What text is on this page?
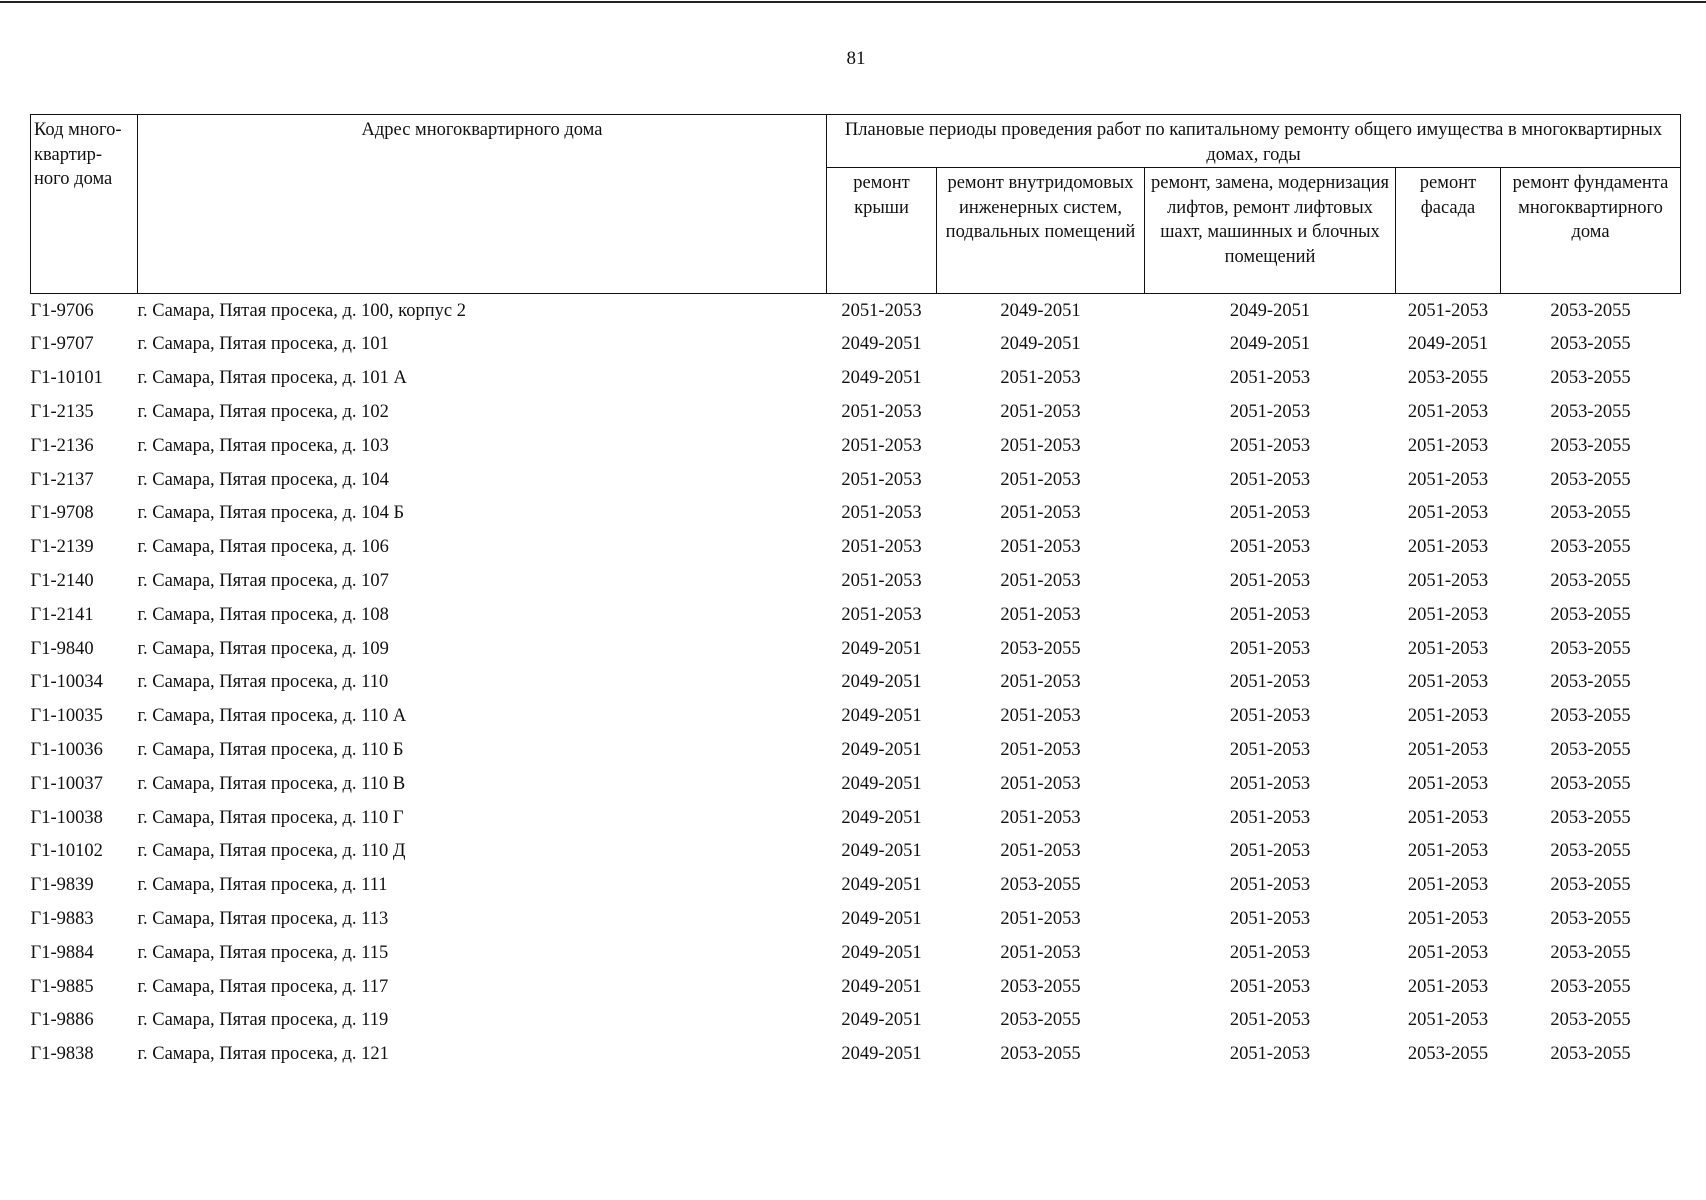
81
Код много-квартир-ного дома	Адрес многоквартирного дома	Плановые периоды проведения работ по капитальному ремонту общего имущества в многоквартирных домах, годы				
		ремонт крыши	ремонт внутридомовых инженерных систем, подвальных помещений	ремонт, замена, модернизация лифтов, ремонт лифтовых шахт, машинных и блочных помещений	ремонт фасада	ремонт фундамента многоквартирного дома
Г1-9706	г. Самара, Пятая просека, д. 100, корпус 2	2051-2053	2049-2051	2049-2051	2051-2053	2053-2055
Г1-9707	г. Самара, Пятая просека, д. 101	2049-2051	2049-2051	2049-2051	2049-2051	2053-2055
Г1-10101	г. Самара, Пятая просека, д. 101 А	2049-2051	2051-2053	2051-2053	2053-2055	2053-2055
Г1-2135	г. Самара, Пятая просека, д. 102	2051-2053	2051-2053	2051-2053	2051-2053	2053-2055
Г1-2136	г. Самара, Пятая просека, д. 103	2051-2053	2051-2053	2051-2053	2051-2053	2053-2055
Г1-2137	г. Самара, Пятая просека, д. 104	2051-2053	2051-2053	2051-2053	2051-2053	2053-2055
Г1-9708	г. Самара, Пятая просека, д. 104 Б	2051-2053	2051-2053	2051-2053	2051-2053	2053-2055
Г1-2139	г. Самара, Пятая просека, д. 106	2051-2053	2051-2053	2051-2053	2051-2053	2053-2055
Г1-2140	г. Самара, Пятая просека, д. 107	2051-2053	2051-2053	2051-2053	2051-2053	2053-2055
Г1-2141	г. Самара, Пятая просека, д. 108	2051-2053	2051-2053	2051-2053	2051-2053	2053-2055
Г1-9840	г. Самара, Пятая просека, д. 109	2049-2051	2053-2055	2051-2053	2051-2053	2053-2055
Г1-10034	г. Самара, Пятая просека, д. 110	2049-2051	2051-2053	2051-2053	2051-2053	2053-2055
Г1-10035	г. Самара, Пятая просека, д. 110 А	2049-2051	2051-2053	2051-2053	2051-2053	2053-2055
Г1-10036	г. Самара, Пятая просека, д. 110 Б	2049-2051	2051-2053	2051-2053	2051-2053	2053-2055
Г1-10037	г. Самара, Пятая просека, д. 110 В	2049-2051	2051-2053	2051-2053	2051-2053	2053-2055
Г1-10038	г. Самара, Пятая просека, д. 110 Г	2049-2051	2051-2053	2051-2053	2051-2053	2053-2055
Г1-10102	г. Самара, Пятая просека, д. 110 Д	2049-2051	2051-2053	2051-2053	2051-2053	2053-2055
Г1-9839	г. Самара, Пятая просека, д. 111	2049-2051	2053-2055	2051-2053	2051-2053	2053-2055
Г1-9883	г. Самара, Пятая просека, д. 113	2049-2051	2051-2053	2051-2053	2051-2053	2053-2055
Г1-9884	г. Самара, Пятая просека, д. 115	2049-2051	2051-2053	2051-2053	2051-2053	2053-2055
Г1-9885	г. Самара, Пятая просека, д. 117	2049-2051	2053-2055	2051-2053	2051-2053	2053-2055
Г1-9886	г. Самара, Пятая просека, д. 119	2049-2051	2053-2055	2051-2053	2051-2053	2053-2055
Г1-9838	г. Самара, Пятая просека, д. 121	2049-2051	2053-2055	2051-2053	2053-2055	2053-2055
